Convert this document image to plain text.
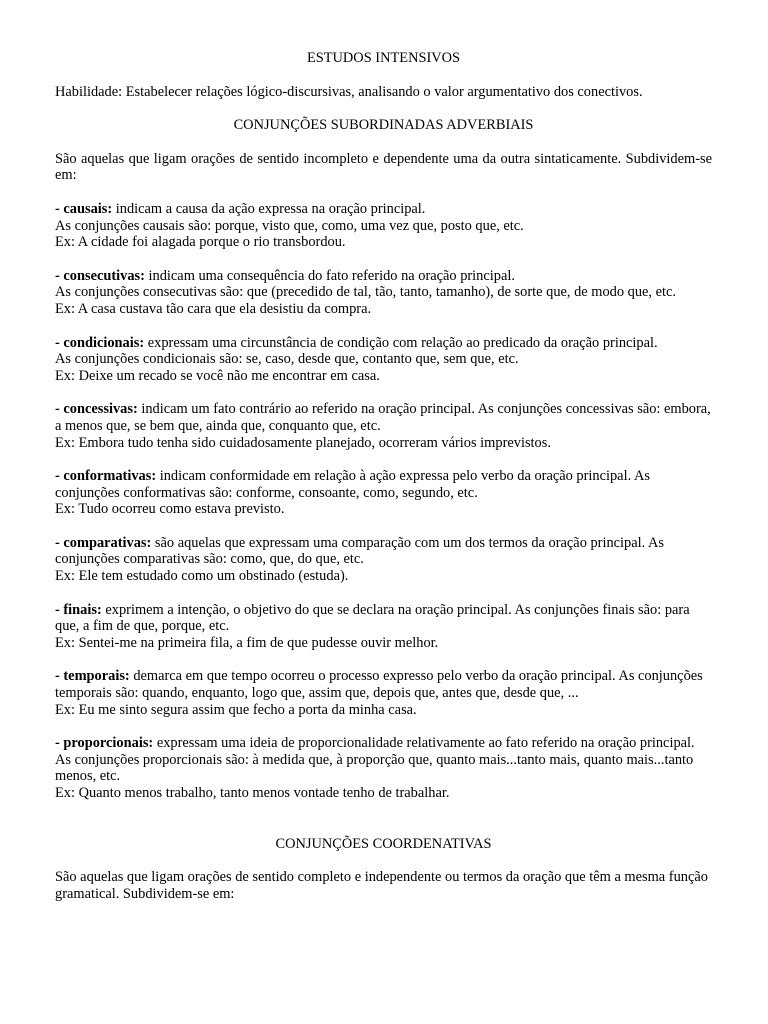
ESTUDOS INTENSIVOS

Habilidade: Estabelecer relações lógico-discursivas, analisando o valor argumentativo dos conectivos.

CONJUNÇÕES SUBORDINADAS ADVERBIAIS

São aquelas que ligam orações de sentido incompleto e dependente uma da outra sintaticamente. Subdividem-se em:

- causais: indicam a causa da ação expressa na oração principal.
As conjunções causais são: porque, visto que, como, uma vez que, posto que, etc.
Ex: A cidade foi alagada porque o rio transbordou.
- consecutivas: indicam uma consequência do fato referido na oração principal.
As conjunções consecutivas são: que (precedido de tal, tão, tanto, tamanho), de sorte que, de modo que, etc.
Ex: A casa custava tão cara que ela desistiu da compra.
- condicionais: expressam uma circunstância de condição com relação ao predicado da oração principal.
As conjunções condicionais são: se, caso, desde que, contanto que, sem que, etc.
Ex: Deixe um recado se você não me encontrar em casa.
- concessivas: indicam um fato contrário ao referido na oração principal. As conjunções concessivas são: embora, a menos que, se bem que, ainda que, conquanto que, etc.
Ex: Embora tudo tenha sido cuidadosamente planejado, ocorreram vários imprevistos.
- conformativas: indicam conformidade em relação à ação expressa pelo verbo da oração principal. As conjunções conformativas são: conforme, consoante, como, segundo, etc.
Ex: Tudo ocorreu como estava previsto.
- comparativas: são aquelas que expressam uma comparação com um dos termos da oração principal. As conjunções comparativas são: como, que, do que, etc.
Ex: Ele tem estudado como um obstinado (estuda).
- finais: exprimem a intenção, o objetivo do que se declara na oração principal. As conjunções finais são: para que, a fim de que, porque, etc.
Ex: Sentei-me na primeira fila, a fim de que pudesse ouvir melhor.
- temporais: demarca em que tempo ocorreu o processo expresso pelo verbo da oração principal. As conjunções temporais são: quando, enquanto, logo que, assim que, depois que, antes que, desde que, ...
Ex: Eu me sinto segura assim que fecho a porta da minha casa.
- proporcionais: expressam uma ideia de proporcionalidade relativamente ao fato referido na oração principal. As conjunções proporcionais são: à medida que, à proporção que, quanto mais...tanto mais, quanto mais...tanto menos, etc.
Ex: Quanto menos trabalho, tanto menos vontade tenho de trabalhar.

CONJUNÇÕES COORDENATIVAS

São aquelas que ligam orações de sentido completo e independente ou termos da oração que têm a mesma função gramatical. Subdividem-se em:
